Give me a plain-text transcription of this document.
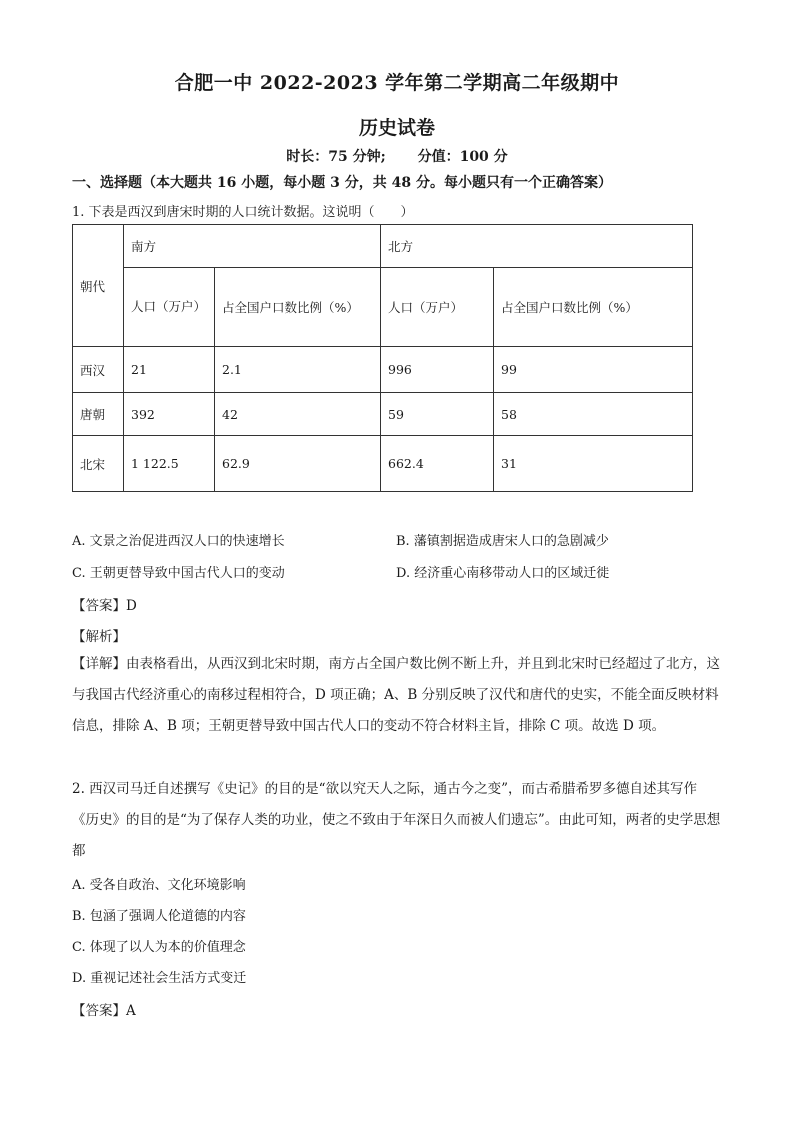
合肥一中 2022-2023 学年第二学期高二年级期中
历史试卷
时长：75 分钟; 分值：100 分
一、选择题（本大题共 16 小题，每小题 3 分，共 48 分。每小题只有一个正确答案）
1. 下表是西汉到唐宋时期的人口统计数据。这说明（　　）
朝代	南方		北方	
	人口（万户）	占全国户口数比例（%）	人口（万户）	占全国户口数比例（%）
西汉	21	2.1	996	99
唐朝	392	42	59	58
北宋	1 122.5	62.9	662.4	31
A. 文景之治促进西汉人口的快速增长	B. 藩镇割据造成唐宋人口的急剧减少
C. 王朝更替导致中国古代人口的变动	D. 经济重心南移带动人口的区域迁徙
【答案】D
【解析】
【详解】由表格看出，从西汉到北宋时期，南方占全国户数比例不断上升，并且到北宋时已经超过了北方，这与我国古代经济重心的南移过程相符合，D 项正确；A、B 分别反映了汉代和唐代的史实，不能全面反映材料信息，排除 A、B 项；王朝更替导致中国古代人口的变动不符合材料主旨，排除 C 项。故选 D 项。
2. 西汉司马迁自述撰写《史记》的目的是“欲以究天人之际，通古今之变”，而古希腊希罗多德自述其写作《历史》的目的是“为了保存人类的功业，使之不致由于年深日久而被人们遗忘”。由此可知，两者的史学思想都
A. 受各自政治、文化环境影响
B. 包涵了强调人伦道德的内容
C. 体现了以人为本的价值理念
D. 重视记述社会生活方式变迁
【答案】A
